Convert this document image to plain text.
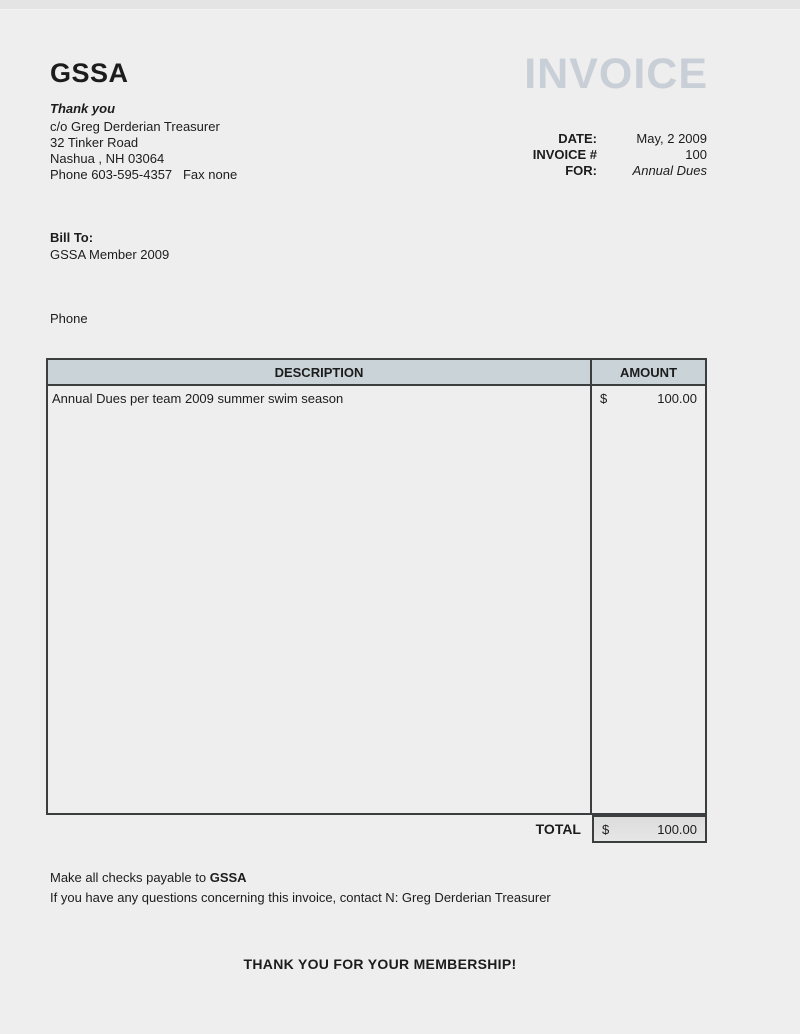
GSSA	INVOICE
Thank you
c/o Greg Derderian Treasurer
32 Tinker Road
Nashua , NH 03064
Phone 603-595-4357   Fax none
DATE:	May, 2 2009
INVOICE #	100
FOR:	Annual Dues
Bill To:
GSSA Member 2009
Phone
DESCRIPTION	AMOUNT
Annual Dues per team 2009 summer swim season	$	100.00
TOTAL	$	100.00
Make all checks payable to GSSA
If you have any questions concerning this invoice, contact N: Greg Derderian Treasurer
THANK YOU FOR YOUR MEMBERSHIP!
